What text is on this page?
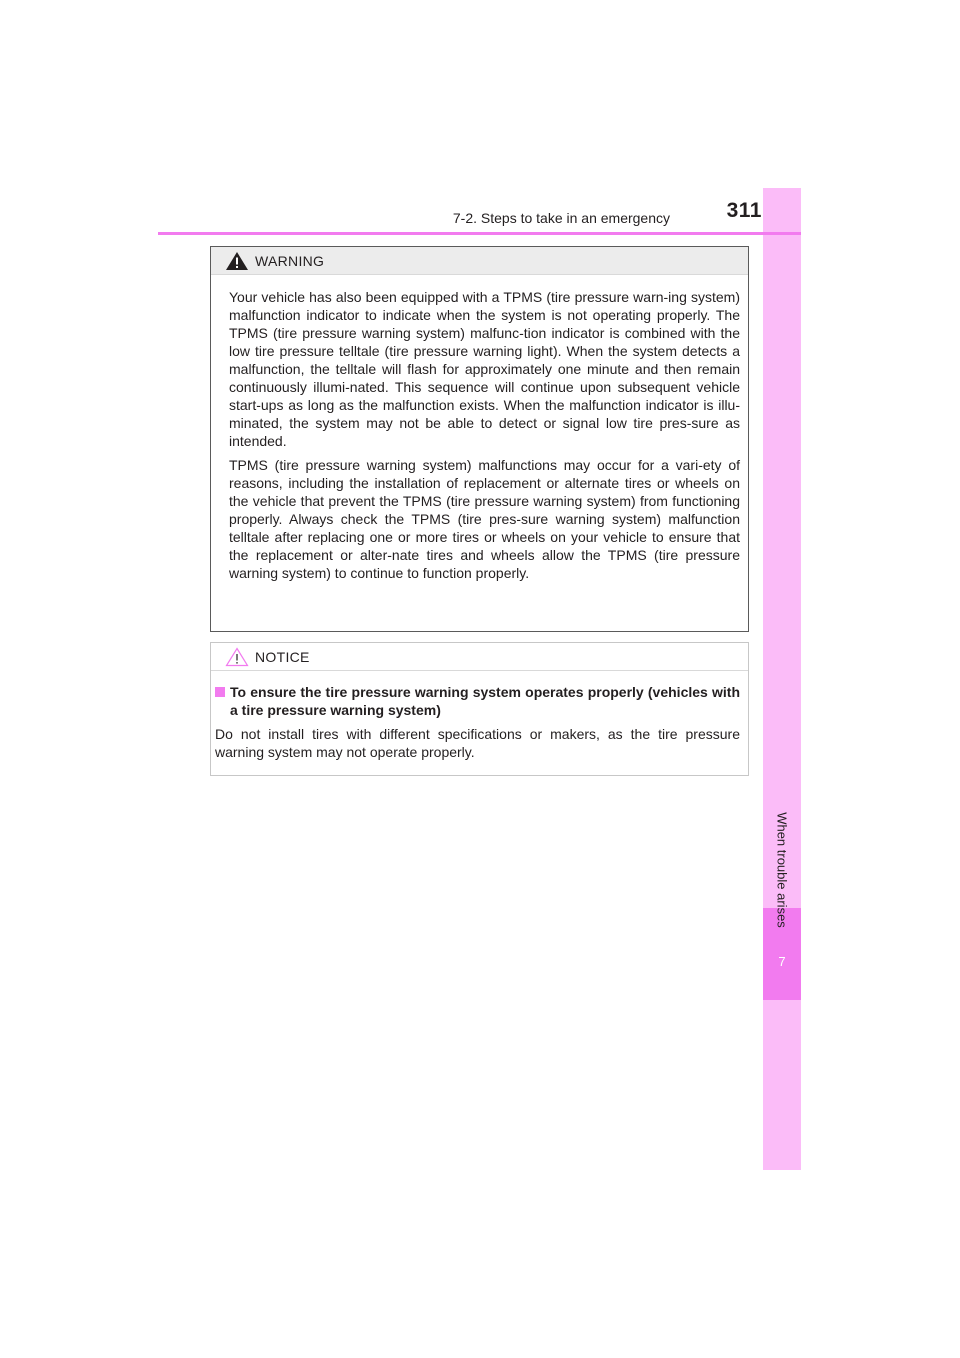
7
When trouble arises
7-2. Steps to take in an emergency	311
WARNING

Your vehicle has also been equipped with a TPMS (tire pressure warn-ing system) malfunction indicator to indicate when the system is not operating properly. The TPMS (tire pressure warning system) malfunc-tion indicator is combined with the low tire pressure telltale (tire pressure warning light). When the system detects a malfunction, the telltale will flash for approximately one minute and then remain continuously illumi-nated. This sequence will continue upon subsequent vehicle start-ups as long as the malfunction exists. When the malfunction indicator is illu-minated, the system may not be able to detect or signal low tire pres-sure as intended.

TPMS (tire pressure warning system) malfunctions may occur for a vari-ety of reasons, including the installation of replacement or alternate tires or wheels on the vehicle that prevent the TPMS (tire pressure warning system) from functioning properly. Always check the TPMS (tire pres-sure warning system) malfunction telltale after replacing one or more tires or wheels on your vehicle to ensure that the replacement or alter-nate tires and wheels allow the TPMS (tire pressure warning system) to continue to function properly.

NOTICE
To ensure the tire pressure warning system operates properly (vehicles with a tire pressure warning system)

Do not install tires with different specifications or makers, as the tire pressure warning system may not operate properly.
